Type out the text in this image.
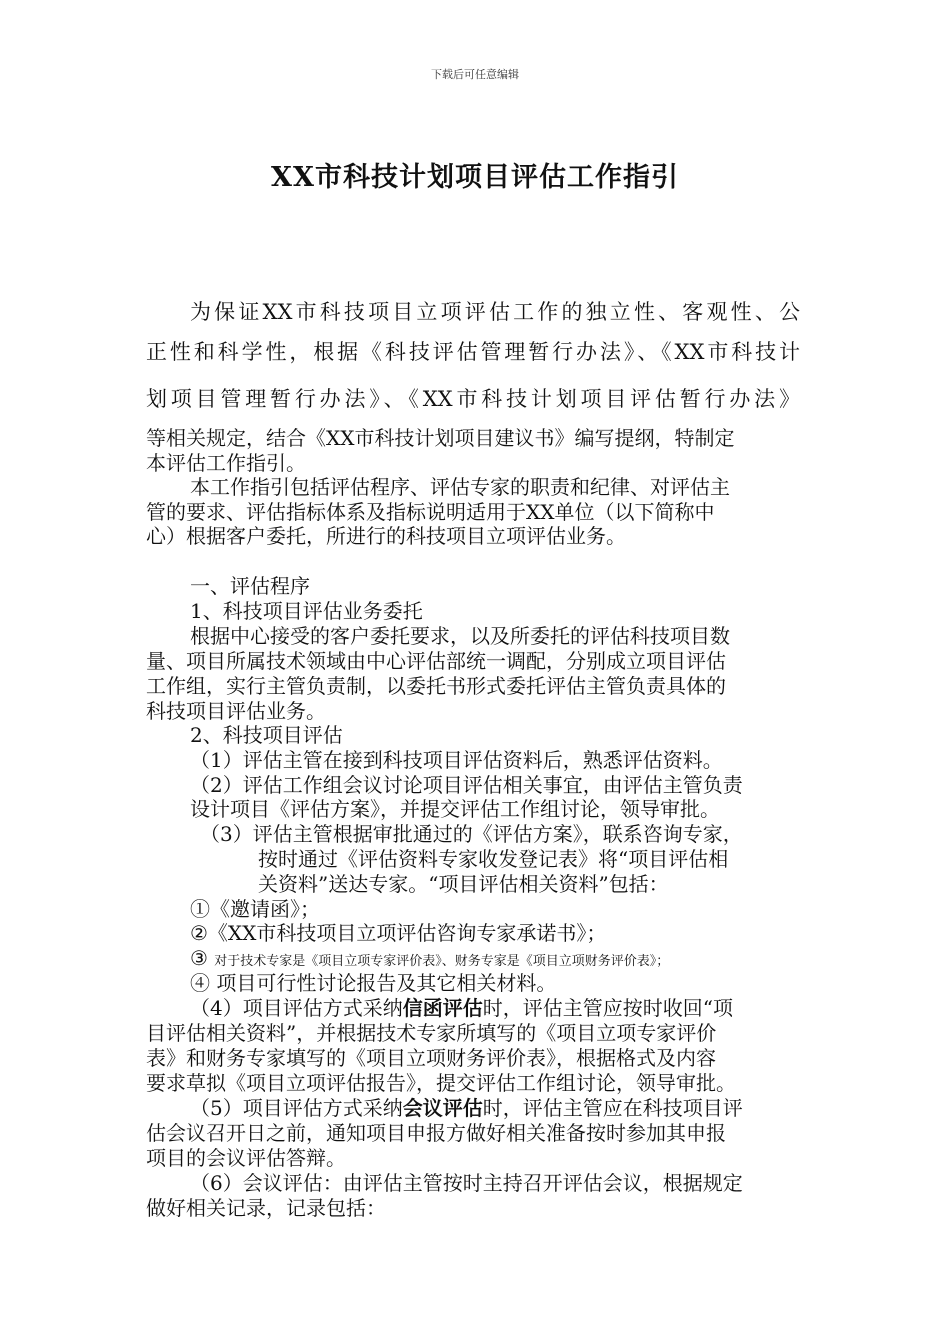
下载后可任意编辑
XX市科技计划项目评估工作指引
为保证XX市科技项目立项评估工作的独立性、客观性、公
正性和科学性，根据《科技评估管理暂行办法》、《XX市科技计
划项目管理暂行办法》、《XX市科技计划项目评估暂行办法》
等相关规定，结合《XX市科技计划项目建议书》编写提纲，特制定
本评估工作指引。
本工作指引包括评估程序、评估专家的职责和纪律、对评估主
管的要求、评估指标体系及指标说明适用于XX单位（以下简称中
心）根据客户委托，所进行的科技项目立项评估业务。
一、评估程序
1、科技项目评估业务委托
根据中心接受的客户委托要求，以及所委托的评估科技项目数
量、项目所属技术领域由中心评估部统一调配，分别成立项目评估
工作组，实行主管负责制，以委托书形式委托评估主管负责具体的
科技项目评估业务。
2、科技项目评估
（1）评估主管在接到科技项目评估资料后，熟悉评估资料。
（2）评估工作组会议讨论项目评估相关事宜，由评估主管负责
设计项目《评估方案》，并提交评估工作组讨论，领导审批。
（3）评估主管根据审批通过的《评估方案》，联系咨询专家，
按时通过《评估资料专家收发登记表》将“项目评估相
关资料”送达专家。“项目评估相关资料”包括：
①《邀请函》；
②《XX市科技项目立项评估咨询专家承诺书》；
③ 对于技术专家是《项目立项专家评价表》、财务专家是《项目立项财务评价表》；
④ 项目可行性讨论报告及其它相关材料。
（4）项目评估方式采纳信函评估时，评估主管应按时收回“项
目评估相关资料”，并根据技术专家所填写的《项目立项专家评价
表》和财务专家填写的《项目立项财务评价表》，根据格式及内容
要求草拟《项目立项评估报告》，提交评估工作组讨论，领导审批。
（5）项目评估方式采纳会议评估时，评估主管应在科技项目评
估会议召开日之前，通知项目申报方做好相关准备按时参加其申报
项目的会议评估答辩。
（6）会议评估：由评估主管按时主持召开评估会议，根据规定
做好相关记录，记录包括：
